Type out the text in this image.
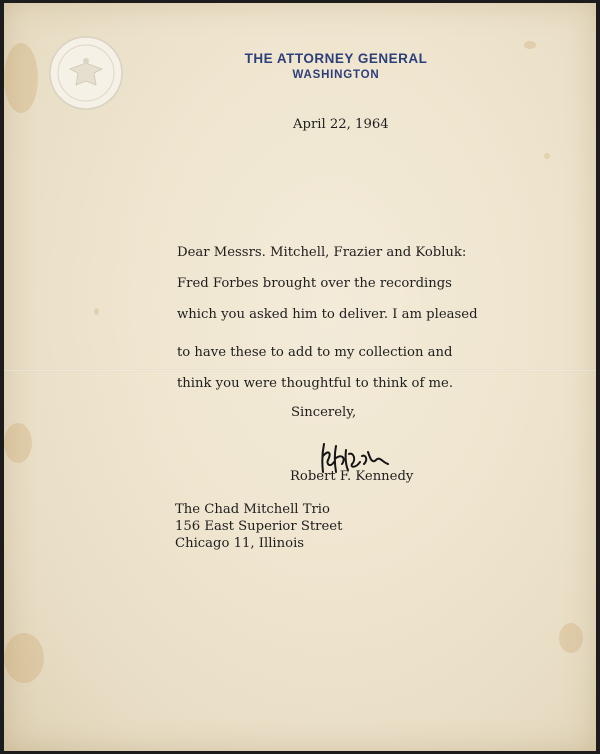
THE ATTORNEY GENERAL
WASHINGTON
April 22, 1964
Dear Messrs. Mitchell, Frazier and Kobluk:
Fred Forbes brought over the recordings
which you asked him to deliver. I am pleased
to have these to add to my collection and
think you were thoughtful to think of me.
Sincerely,
Robert F. Kennedy
The Chad Mitchell Trio
156 East Superior Street
Chicago 11, Illinois
